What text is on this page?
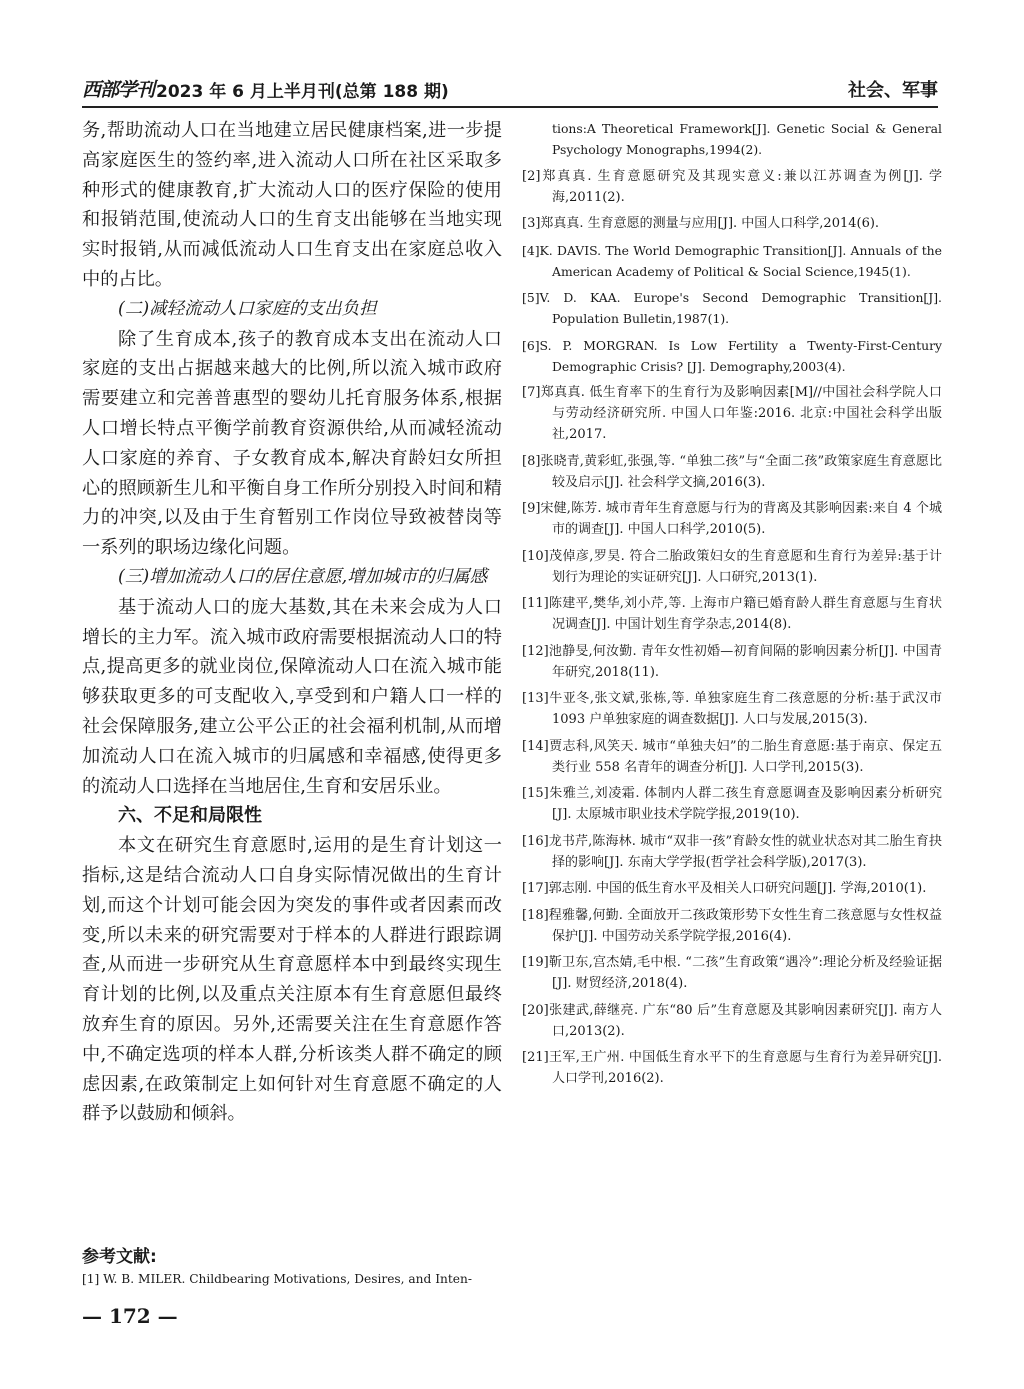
西部学刊 2023 年 6 月上半月刊(总第 188 期)	社会、军事

务,帮助流动人口在当地建立居民健康档案,进一步提高家庭医生的签约率,进入流动人口所在社区采取多种形式的健康教育,扩大流动人口的医疗保险的使用和报销范围,使流动人口的生育支出能够在当地实现实时报销,从而减低流动人口生育支出在家庭总收入中的占比。

(二)减轻流动人口家庭的支出负担

除了生育成本,孩子的教育成本支出在流动人口家庭的支出占据越来越大的比例,所以流入城市政府需要建立和完善普惠型的婴幼儿托育服务体系,根据人口增长特点平衡学前教育资源供给,从而减轻流动人口家庭的养育、子女教育成本,解决育龄妇女所担心的照顾新生儿和平衡自身工作所分别投入时间和精力的冲突,以及由于生育暂别工作岗位导致被替岗等一系列的职场边缘化问题。

(三)增加流动人口的居住意愿,增加城市的归属感

基于流动人口的庞大基数,其在未来会成为人口增长的主力军。流入城市政府需要根据流动人口的特点,提高更多的就业岗位,保障流动人口在流入城市能够获取更多的可支配收入,享受到和户籍人口一样的社会保障服务,建立公平公正的社会福利机制,从而增加流动人口在流入城市的归属感和幸福感,使得更多的流动人口选择在当地居住,生育和安居乐业。

六、不足和局限性

本文在研究生育意愿时,运用的是生育计划这一指标,这是结合流动人口自身实际情况做出的生育计划,而这个计划可能会因为突发的事件或者因素而改变,所以未来的研究需要对于样本的人群进行跟踪调查,从而进一步研究从生育意愿样本中到最终实现生育计划的比例,以及重点关注原本有生育意愿但最终放弃生育的原因。另外,还需要关注在生育意愿作答中,不确定选项的样本人群,分析该类人群不确定的顾虑因素,在政策制定上如何针对生育意愿不确定的人群予以鼓励和倾斜。

参考文献:

[1] W. B. MILER. Childbearing Motivations, Desires, and Inten-

tions:A Theoretical Framework[J]. Genetic Social & General Psychology Monographs,1994(2).

[2]郑真真. 生育意愿研究及其现实意义:兼以江苏调查为例[J]. 学海,2011(2).

[3]郑真真. 生育意愿的测量与应用[J]. 中国人口科学,2014(6).

[4]K. DAVIS. The World Demographic Transition[J]. Annuals of the American Academy of Political & Social Science,1945(1).

[5]V. D. KAA. Europe's Second Demographic Transition[J]. Population Bulletin,1987(1).

[6]S. P. MORGRAN. Is Low Fertility a Twenty-First-Century Demographic Crisis? [J]. Demography,2003(4).

[7]郑真真. 低生育率下的生育行为及影响因素[M]//中国社会科学院人口与劳动经济研究所. 中国人口年鉴:2016. 北京:中国社会科学出版社,2017.

[8]张晓青,黄彩虹,张强,等. “单独二孩”与“全面二孩”政策家庭生育意愿比较及启示[J]. 社会科学文摘,2016(3).

[9]宋健,陈芳. 城市青年生育意愿与行为的背离及其影响因素:来自 4 个城市的调查[J]. 中国人口科学,2010(5).

[10]茂倬彦,罗昊. 符合二胎政策妇女的生育意愿和生育行为差异:基于计划行为理论的实证研究[J]. 人口研究,2013(1).

[11]陈建平,樊华,刘小芹,等. 上海市户籍已婚育龄人群生育意愿与生育状况调查[J]. 中国计划生育学杂志,2014(8).

[12]池静旻,何汝勤. 青年女性初婚—初育间隔的影响因素分析[J]. 中国青年研究,2018(11).

[13]牛亚冬,张文斌,张栋,等. 单独家庭生育二孩意愿的分析:基于武汉市 1093 户单独家庭的调查数据[J]. 人口与发展,2015(3).

[14]贾志科,风笑天. 城市“单独夫妇”的二胎生育意愿:基于南京、保定五类行业 558 名青年的调查分析[J]. 人口学刊,2015(3).

[15]朱雅兰,刘凌霜. 体制内人群二孩生育意愿调查及影响因素分析研究[J]. 太原城市职业技术学院学报,2019(10).

[16]龙书芹,陈海林. 城市“双非一孩”育龄女性的就业状态对其二胎生育抉择的影响[J]. 东南大学学报(哲学社会科学版),2017(3).

[17]郭志刚. 中国的低生育水平及相关人口研究问题[J]. 学海,2010(1).

[18]程雅馨,何勤. 全面放开二孩政策形势下女性生育二孩意愿与女性权益保护[J]. 中国劳动关系学院学报,2016(4).

[19]靳卫东,宫杰婧,毛中根. “二孩”生育政策“遇冷”:理论分析及经验证据[J]. 财贸经济,2018(4).

[20]张建武,薛继亮. 广东“80 后”生育意愿及其影响因素研究[J]. 南方人口,2013(2).

[21]王军,王广州. 中国低生育水平下的生育意愿与生育行为差异研究[J]. 人口学刊,2016(2).

— 172 —
